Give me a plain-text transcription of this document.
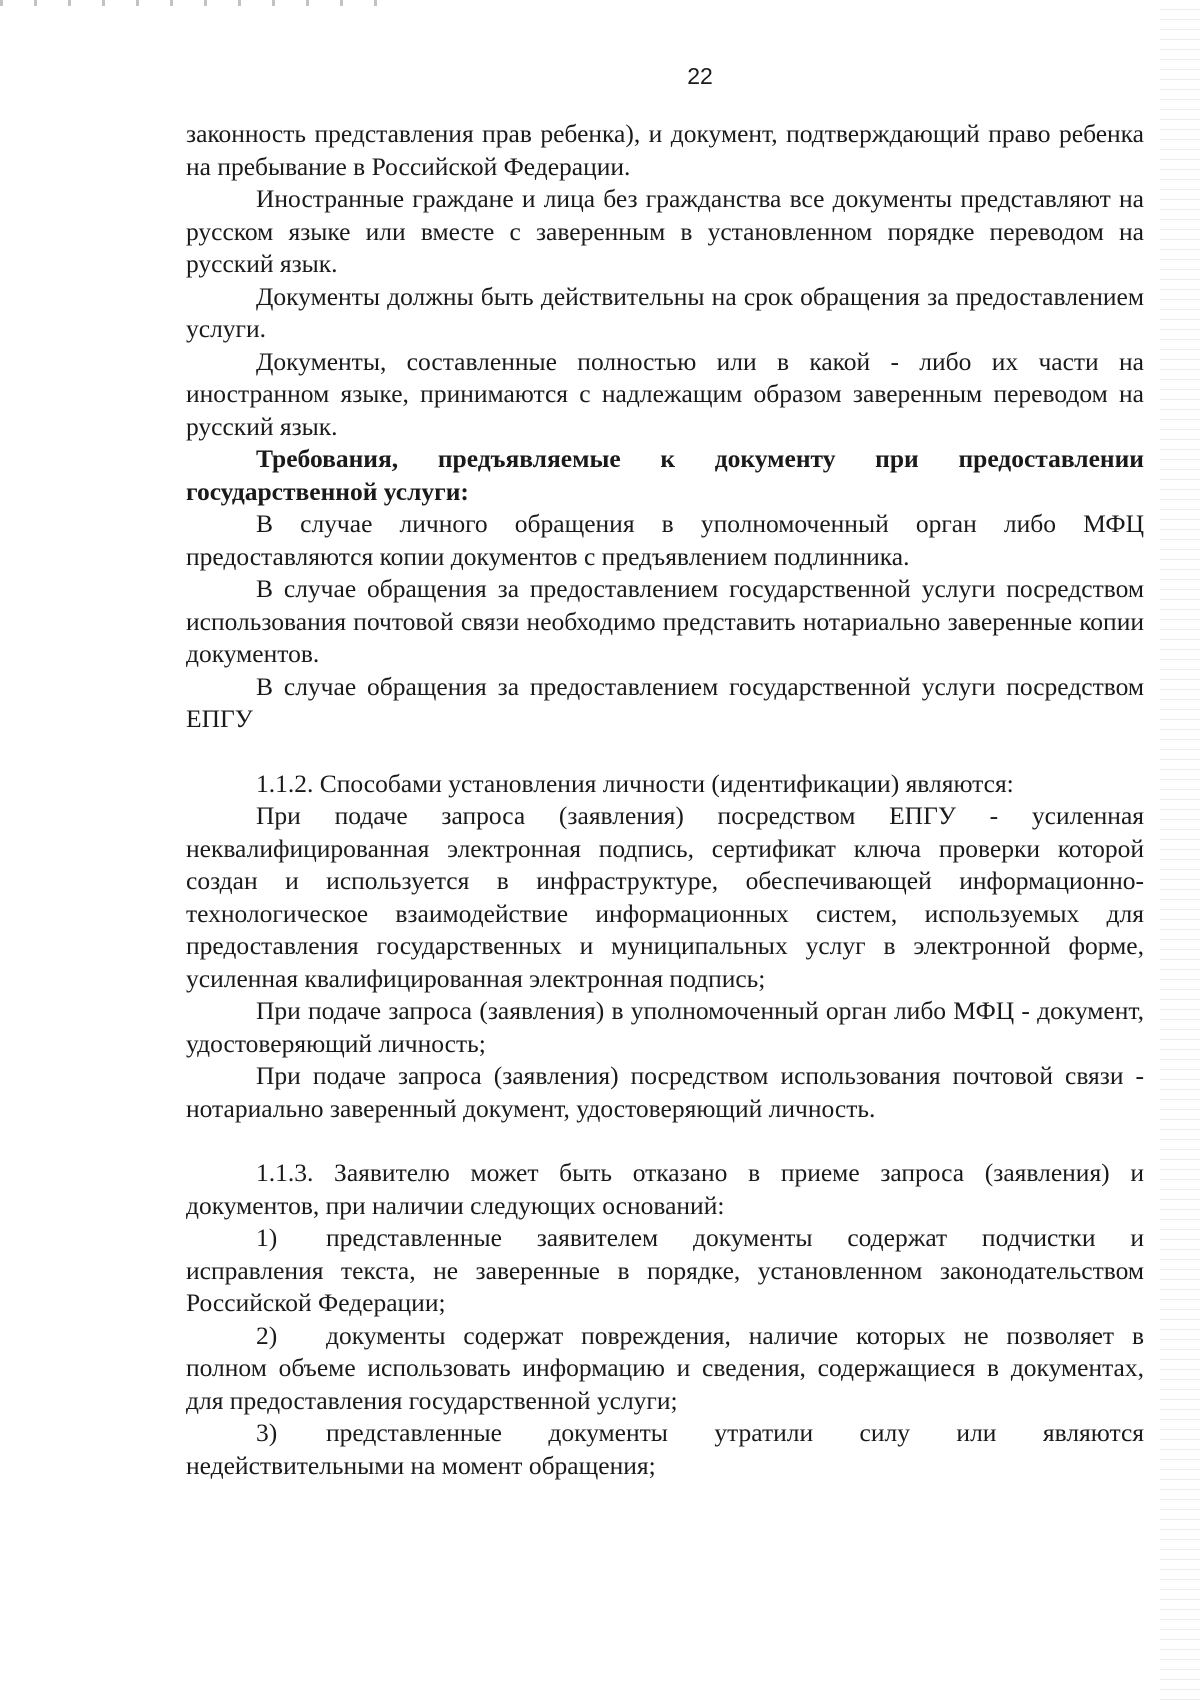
22

законность представления прав ребенка), и документ, подтверждающий право ребенка на пребывание в Российской Федерации.

Иностранные граждане и лица без гражданства все документы представляют на русском языке или вместе с заверенным в установленном порядке переводом на русский язык.

Документы должны быть действительны на срок обращения за предоставлением услуги.

Документы, составленные полностью или в какой - либо их части на иностранном языке, принимаются с надлежащим образом заверенным переводом на русский язык.

Требования, предъявляемые к документу при предоставлении государственной услуги:

В случае личного обращения в уполномоченный орган либо МФЦ предоставляются копии документов с предъявлением подлинника.

В случае обращения за предоставлением государственной услуги посредством использования почтовой связи необходимо представить нотариально заверенные копии документов.

В случае обращения за предоставлением государственной услуги посредством ЕПГУ

1.1.2. Способами установления личности (идентификации) являются:

При подаче запроса (заявления) посредством ЕПГУ - усиленная неквалифицированная электронная подпись, сертификат ключа проверки которой создан и используется в инфраструктуре, обеспечивающей информационно-технологическое взаимодействие информационных систем, используемых для предоставления государственных и муниципальных услуг в электронной форме, усиленная квалифицированная электронная подпись;

При подаче запроса (заявления) в уполномоченный орган либо МФЦ - документ, удостоверяющий личность;

При подаче запроса (заявления) посредством использования почтовой связи - нотариально заверенный документ, удостоверяющий личность.

1.1.3. Заявителю может быть отказано в приеме запроса (заявления) и документов, при наличии следующих оснований:

1) представленные заявителем документы содержат подчистки и исправления текста, не заверенные в порядке, установленном законодательством Российской Федерации;

2) документы содержат повреждения, наличие которых не позволяет в полном объеме использовать информацию и сведения, содержащиеся в документах, для предоставления государственной услуги;

3) представленные документы утратили силу или являются недействительными на момент обращения;
